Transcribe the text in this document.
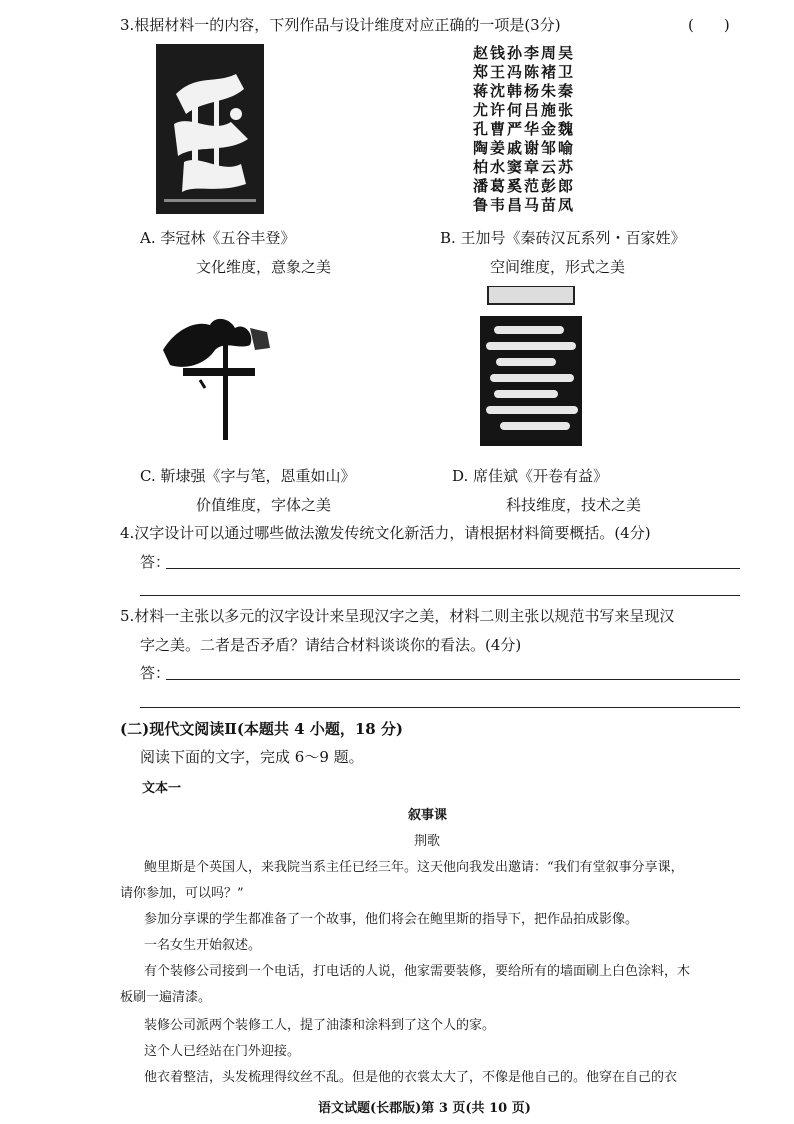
3.根据材料一的内容，下列作品与设计维度对应正确的一项是(3分)	(　　)
赵钱孙李周吴
郑王冯陈褚卫
蒋沈韩杨朱秦
尤许何吕施张
孔曹严华金魏
陶姜戚谢邹喻
柏水窦章云苏
潘葛奚范彭郎
鲁韦昌马苗凤
A. 李冠林《五谷丰登》
文化维度，意象之美
B. 王加号《秦砖汉瓦系列・百家姓》
空间维度，形式之美
C. 靳埭强《字与笔，恩重如山》
价值维度，字体之美
D. 席佳斌《开卷有益》
科技维度，技术之美
4.汉字设计可以通过哪些做法激发传统文化新活力，请根据材料简要概括。(4分)
答：
5.材料一主张以多元的汉字设计来呈现汉字之美，材料二则主张以规范书写来呈现汉
字之美。二者是否矛盾？请结合材料谈谈你的看法。(4分)
答：
(二)现代文阅读Ⅱ(本题共 4 小题，18 分)
阅读下面的文字，完成 6～9 题。
文本一
叙事课
荆歌
鲍里斯是个英国人，来我院当系主任已经三年。这天他向我发出邀请：“我们有堂叙事分享课，
请你参加，可以吗？”
参加分享课的学生都准备了一个故事，他们将会在鲍里斯的指导下，把作品拍成影像。
一名女生开始叙述。
有个装修公司接到一个电话，打电话的人说，他家需要装修，要给所有的墙面刷上白色涂料，木
板刷一遍清漆。
装修公司派两个装修工人，提了油漆和涂料到了这个人的家。
这个人已经站在门外迎接。
他衣着整洁，头发梳理得纹丝不乱。但是他的衣裳太大了，不像是他自己的。他穿在自己的衣
语文试题(长郡版)第 3 页(共 10 页)
